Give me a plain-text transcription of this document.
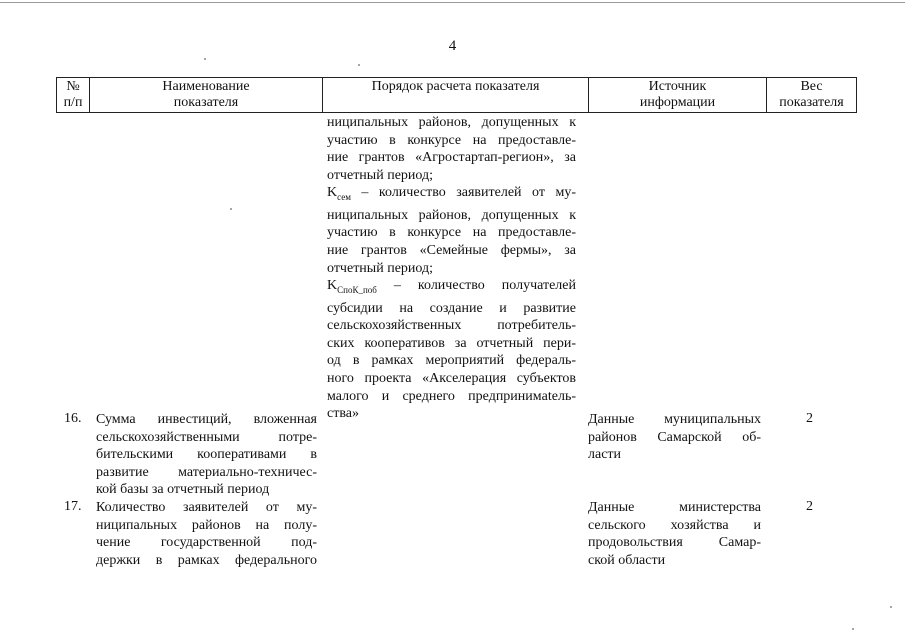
4
№
п/п
Наименование
показателя
Порядок расчета показателя	Источник
информации
Вес
показателя
ниципальных районов, допущенных к
участию в конкурсе на предоставле-
ние грантов «Агростартап-регион», за
отчетный период;
$K_{сем}$ – количество заявителей от му-
ниципальных районов, допущенных к
участию в конкурсе на предоставле-
ние грантов «Семейные фермы», за
отчетный период;
$K_{СпоК\_поб}$ – количество получателей
субсидии на создание и развитие
сельскохозяйственных потребитель-
ских кооперативов за отчетный пери-
од в рамках мероприятий федераль-
ного проекта «Акселерация субъектов
малого и среднего предпринимatель-
ства»
16. Сумма инвестиций, вложенная
сельскохозяйственными потре-
бительскими кооперативами в
развитие материально-техничес-
кой базы за отчетный период
Данные муниципальных
районов Самарской об-
ласти
2
17. Количество заявителей от му-
ниципальных районов на полу-
чение государственной под-
держки в рамках федерального
Данные министерства
сельского хозяйства и
продовольствия Самар-
ской области
2
